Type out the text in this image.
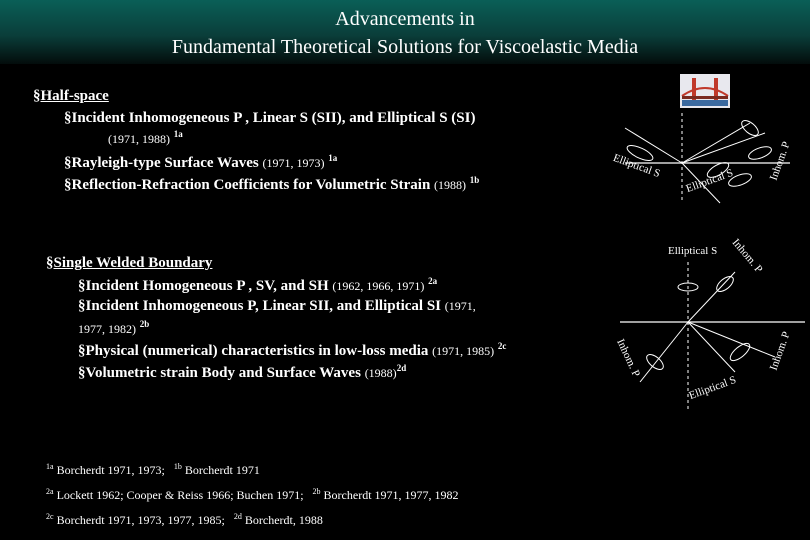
Advancements in
Fundamental Theoretical Solutions for Viscoelastic Media
§Half-space
§Incident Inhomogeneous P , Linear S (SII), and Elliptical S (SI)
(1971, 1988) $^{1a}$
§Rayleigh-type Surface Waves (1971, 1973) $^{1a}$
§Reflection-Refraction Coefficients for Volumetric Strain (1988) $^{1b}$
§Single Welded Boundary
§Incident Homogeneous P , SV, and SH (1962, 1966, 1971) $^{2a}$
§Incident Inhomogeneous P, Linear SII, and Elliptical SI (1971,
1977, 1982) $^{2b}$
§Physical (numerical) characteristics in low-loss media (1971, 1985) $^{2c}$
§Volumetric strain Body and Surface Waves $(1988)^{2d}$
$^{1a}$ Borcherdt 1971, 1973; $^{1b}$ Borcherdt 1971
$^{2a}$ Lockett 1962; Cooper & Reiss 1966; Buchen 1971; $^{2b}$ Borcherdt 1971, 1977, 1982
$^{2c}$ Borcherdt 1971, 1973, 1977, 1985; $^{2d}$ Borcherdt, 1988
Elliptical S
Elliptical S	Inhom. P
Elliptical S Inhom. P
Inhom. P
Elliptical S
Inhom. P
